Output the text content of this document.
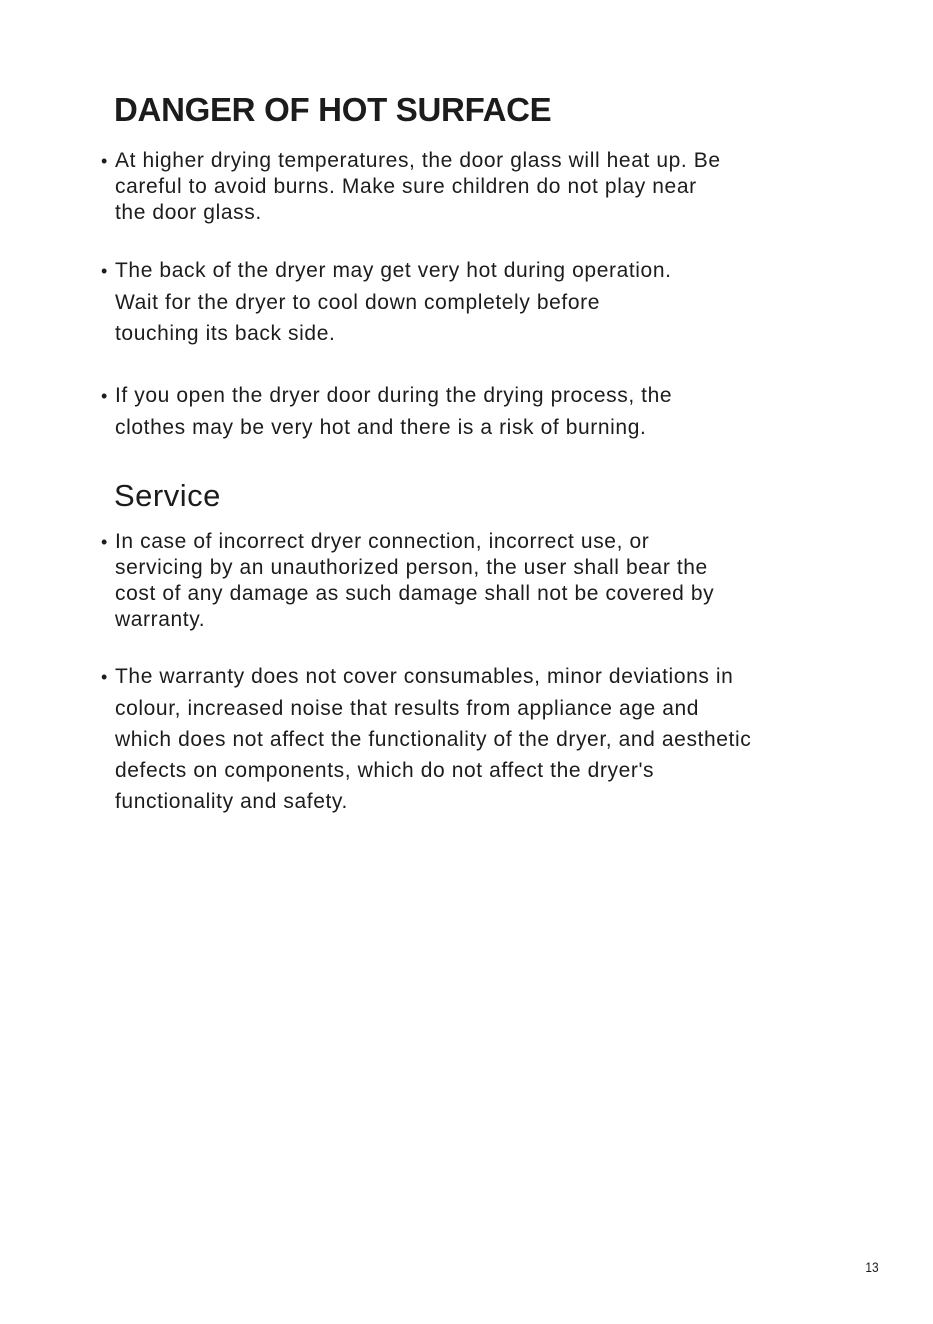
DANGER OF HOT SURFACE
• At higher drying temperatures, the door glass will heat up. Be
careful to avoid burns. Make sure children do not play near
the door glass.
• The back of the dryer may get very hot during operation.
Wait for the dryer to cool down completely before
touching its back side.
• If you open the dryer door during the drying process, the
clothes may be very hot and there is a risk of burning.
Service
• In case of incorrect dryer connection, incorrect use, or
servicing by an unauthorized person, the user shall bear the
cost of any damage as such damage shall not be covered by
warranty.
• The warranty does not cover consumables, minor deviations in
colour, increased noise that results from appliance age and
which does not affect the functionality of the dryer, and aesthetic
defects on components, which do not affect the dryer's
functionality and safety.
13
